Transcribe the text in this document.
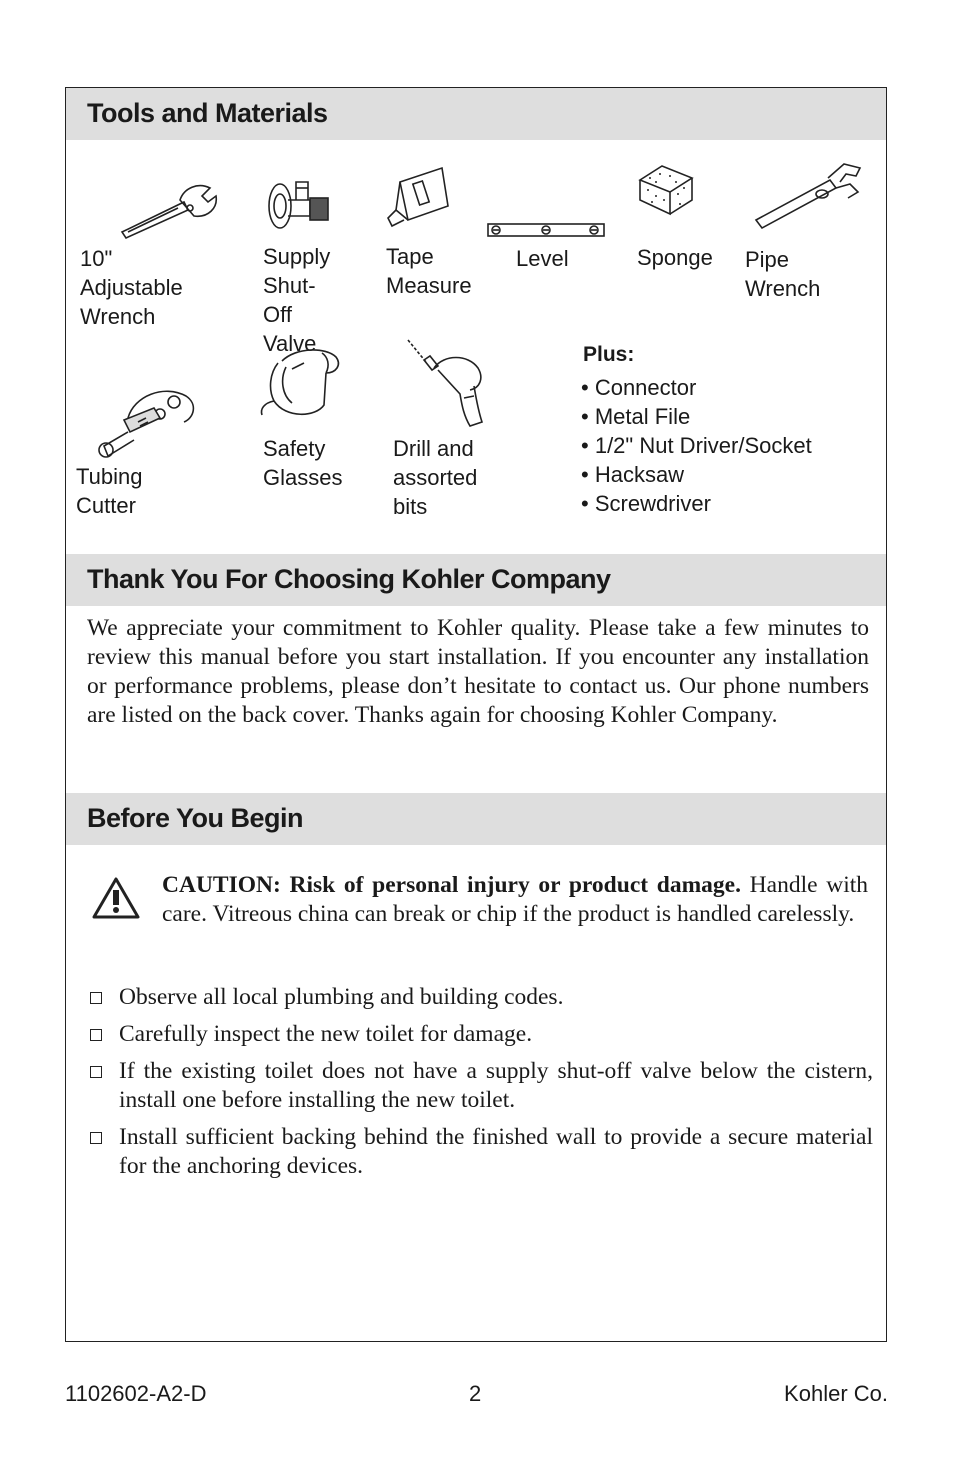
Tools and Materials
10" Adjustable
Wrench
Supply
Shut-Off
Valve
Tape
Measure
Level	Sponge Pipe Wrench
Tubing Cutter
Safety
Glasses
Drill and
assorted bits
Plus:
• Connector
• Metal File
• 1/2" Nut Driver/Socket
• Hacksaw
• Screwdriver
Thank You For Choosing Kohler Company
We appreciate your commitment to Kohler quality. Please take a few minutes to review this manual before you start installation. If you encounter any installation or performance problems, please don’t hesitate to contact us. Our phone numbers are listed on the back cover. Thanks again for choosing Kohler Company.
Before You Begin
CAUTION: Risk of personal injury or product damage. Handle with care. Vitreous china can break or chip if the product is handled carelessly.
Observe all local plumbing and building codes.
Carefully inspect the new toilet for damage.
If the existing toilet does not have a supply shut-off valve below the cistern, install one before installing the new toilet.
Install sufficient backing behind the finished wall to provide a secure material for the anchoring devices.
1102602-A2-D	2	Kohler Co.
